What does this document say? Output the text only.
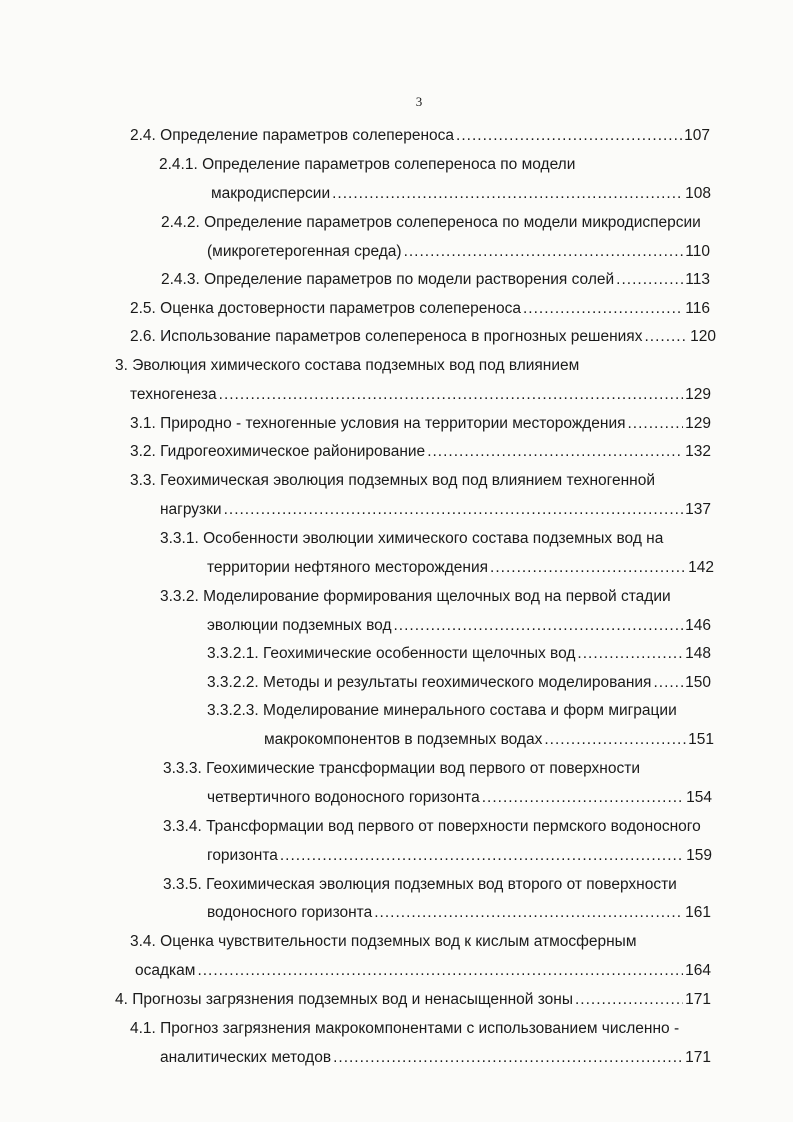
3
2.4. Определение параметров солепереноса .....	107
2.4.1. Определение параметров солепереноса по модели
макродисперсии .....	108
2.4.2. Определение параметров солепереноса по модели микродисперсии
(микрогетерогенная среда) .....	110
2.4.3. Определение параметров по модели растворения солей .....	113
2.5. Оценка достоверности параметров солепереноса .....	116
2.6. Использование параметров солепереноса в прогнозных решениях .....	120
3. Эволюция химического состава подземных вод под влиянием
техногенеза .....	129
3.1. Природно - техногенные условия на территории месторождения .....	129
3.2. Гидрогеохимическое районирование .....	132
3.3. Геохимическая эволюция подземных вод под влиянием техногенной
нагрузки .....	137
3.3.1. Особенности эволюции химического состава подземных вод на
территории нефтяного месторождения .....	142
3.3.2. Моделирование формирования щелочных вод на первой стадии
эволюции подземных вод .....	146
3.3.2.1. Геохимические особенности щелочных вод .....	148
3.3.2.2. Методы и результаты геохимического моделирования ..... 150
3.3.2.3. Моделирование минерального состава и форм миграции
макрокомпонентов в подземных водах .....	151
3.3.3. Геохимические трансформации вод первого от поверхности
четвертичного водоносного горизонта .....	154
3.3.4. Трансформации вод первого от поверхности пермского водоносного
горизонта .....	159
3.3.5. Геохимическая эволюция подземных вод второго от поверхности
водоносного горизонта .....	161
3.4. Оценка чувствительности подземных вод к кислым атмосферным
осадкам .....	164
4. Прогнозы загрязнения подземных вод и ненасыщенной зоны .....	171
4.1. Прогноз загрязнения макрокомпонентами с использованием численно -
аналитических методов .....	171
